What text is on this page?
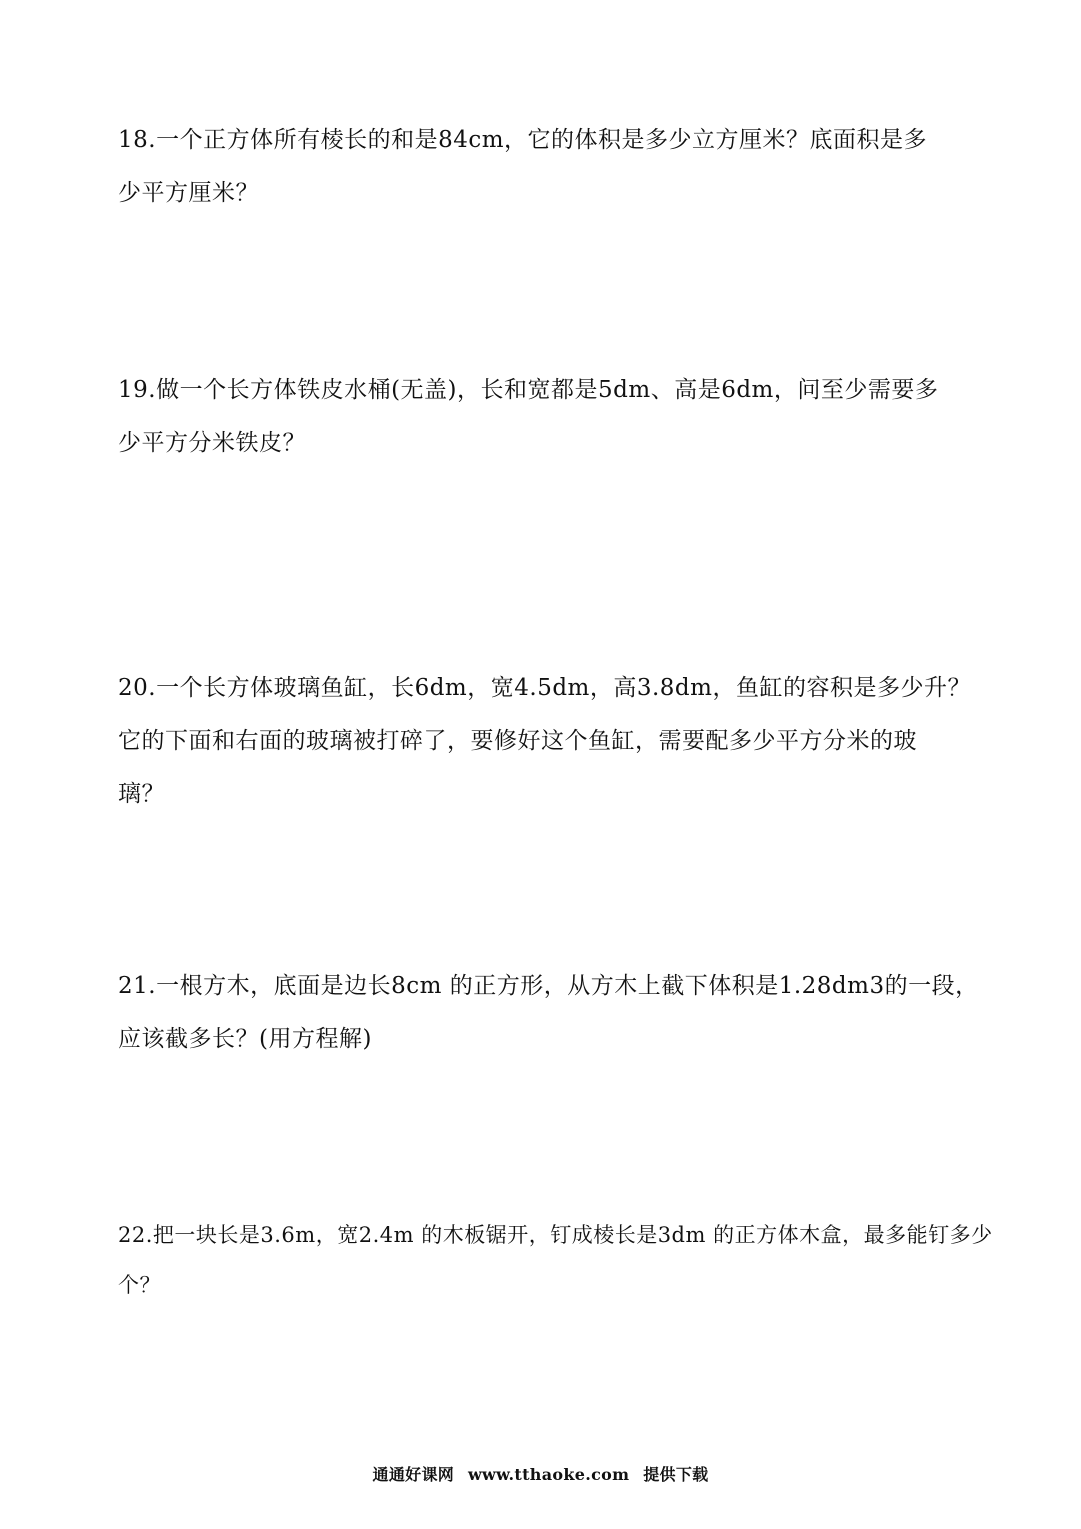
18.一个正方体所有棱长的和是84cm，它的体积是多少立方厘米？底面积是多

少平方厘米？

19.做一个长方体铁皮水桶(无盖)，长和宽都是5dm、高是6dm，问至少需要多

少平方分米铁皮？

20.一个长方体玻璃鱼缸，长6dm，宽4.5dm，高3.8dm，鱼缸的容积是多少升？

它的下面和右面的玻璃被打碎了，要修好这个鱼缸，需要配多少平方分米的玻

璃？

21.一根方木，底面是边长8cm 的正方形，从方木上截下体积是1.28dm3的一段，

应该截多长？(用方程解)

22.把一块长是3.6m，宽2.4m 的木板锯开，钉成棱长是3dm 的正方体木盒，最多能钉多少

个？

通通好课网 www.tthaoke.com 提供下载
